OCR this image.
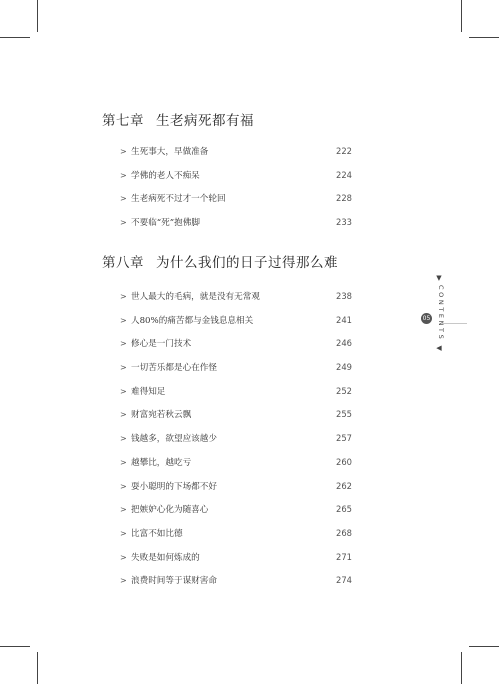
第七章 生老病死都有福
> 生死事大，早做准备	222
> 学佛的老人不痴呆	224
> 生老病死不过才一个轮回	228
> 不要临“死”抱佛脚	233
第八章 为什么我们的日子过得那么难
> 世人最大的毛病，就是没有无常观	238
> 人80%的痛苦都与金钱息息相关	241
> 修心是一门技术	246
> 一切苦乐都是心在作怪	249
> 难得知足	252
> 财富宛若秋云飘	255
> 钱越多，欲望应该越少	257
> 越攀比，越吃亏	260
> 耍小聪明的下场都不好	262
> 把嫉妒心化为随喜心	265
> 比富不如比德	268
> 失败是如何炼成的	271
> 浪费时间等于谋财害命	274
05
▼
CONTENTS
◀
